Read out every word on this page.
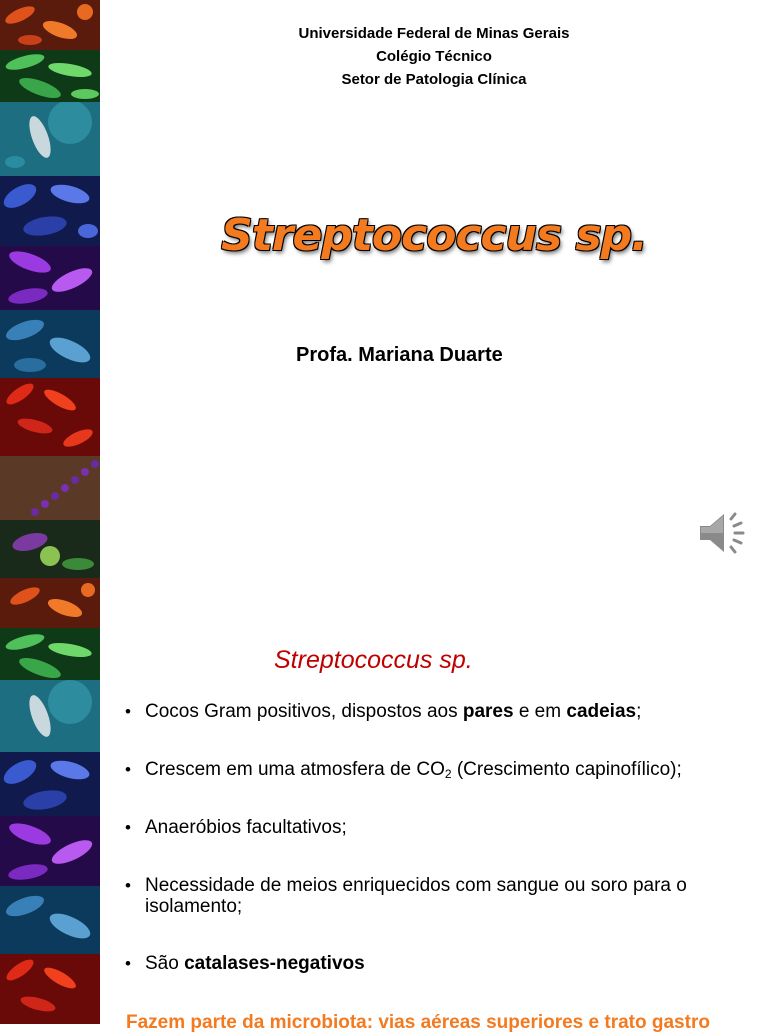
Universidade Federal de Minas Gerais
Colégio Técnico
Setor de Patologia Clínica
Streptococcus sp.
Profa. Mariana Duarte
Streptococcus sp.
• Cocos Gram positivos, dispostos aos pares e em cadeias;
• Crescem em uma atmosfera de $CO_2$ (Crescimento capinofílico);
• Anaeróbios facultativos;
• Necessidade de meios enriquecidos com sangue ou soro para o isolamento;
• São catalases-negativos
Fazem parte da microbiota: vias aéreas superiores e trato gastro
